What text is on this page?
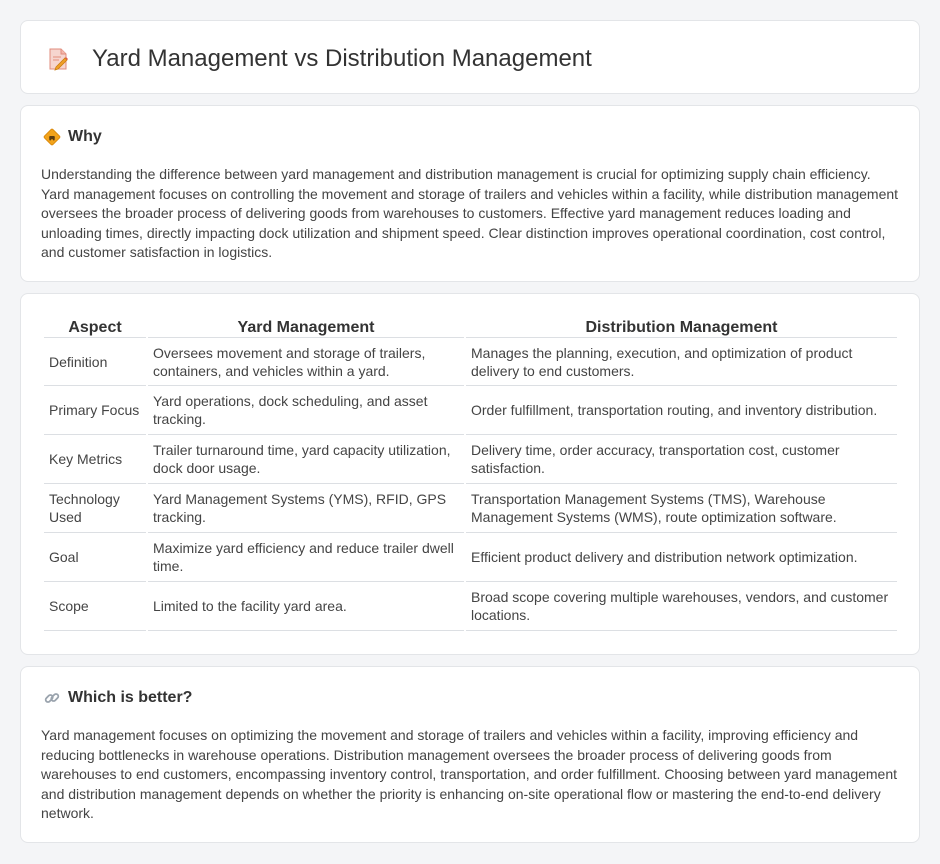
Yard Management vs Distribution Management
Why

Understanding the difference between yard management and distribution management is crucial for optimizing supply chain efficiency. Yard management focuses on controlling the movement and storage of trailers and vehicles within a facility, while distribution management oversees the broader process of delivering goods from warehouses to customers. Effective yard management reduces loading and unloading times, directly impacting dock utilization and shipment speed. Clear distinction improves operational coordination, cost control, and customer satisfaction in logistics.

Aspect	Yard Management	Distribution Management
Definition	Oversees movement and storage of trailers, containers, and vehicles within a yard.	Manages the planning, execution, and optimization of product delivery to end customers.
Primary Focus	Yard operations, dock scheduling, and asset tracking.	Order fulfillment, transportation routing, and inventory distribution.
Key Metrics	Trailer turnaround time, yard capacity utilization, dock door usage.	Delivery time, order accuracy, transportation cost, customer satisfaction.
Technology Used	Yard Management Systems (YMS), RFID, GPS tracking.	Transportation Management Systems (TMS), Warehouse Management Systems (WMS), route optimization software.
Goal	Maximize yard efficiency and reduce trailer dwell time.	Efficient product delivery and distribution network optimization.
Scope	Limited to the facility yard area.	Broad scope covering multiple warehouses, vendors, and customer locations.
Which is better?

Yard management focuses on optimizing the movement and storage of trailers and vehicles within a facility, improving efficiency and reducing bottlenecks in warehouse operations. Distribution management oversees the broader process of delivering goods from warehouses to end customers, encompassing inventory control, transportation, and order fulfillment. Choosing between yard management and distribution management depends on whether the priority is enhancing on-site operational flow or mastering the end-to-end delivery network.
